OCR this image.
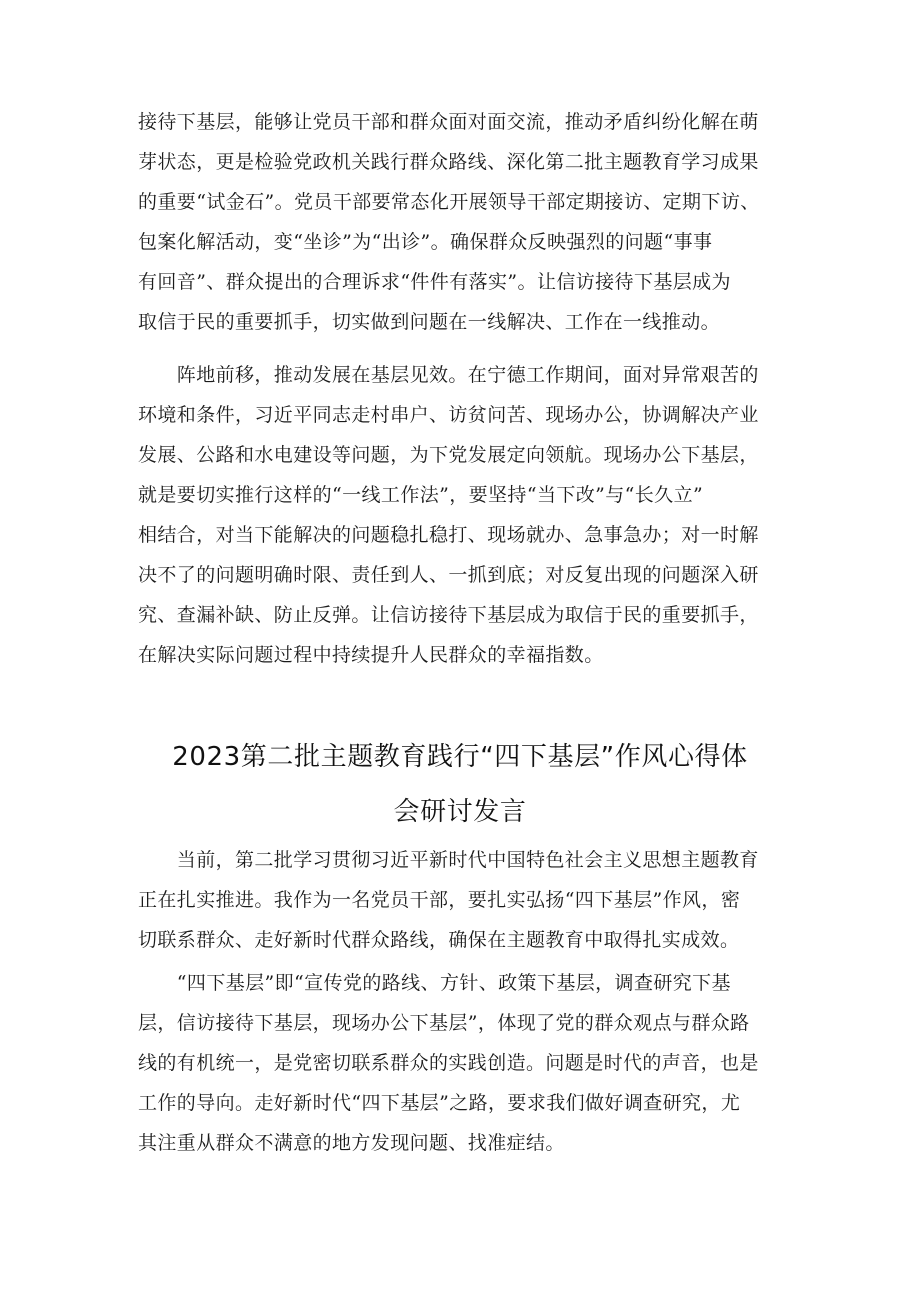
接待下基层，能够让党员干部和群众面对面交流，推动矛盾纠纷化解在萌
芽状态，更是检验党政机关践行群众路线、深化第二批主题教育学习成果
的重要“试金石”。党员干部要常态化开展领导干部定期接访、定期下访、
包案化解活动，变“坐诊”为“出诊”。确保群众反映强烈的问题“事事
有回音”、群众提出的合理诉求“件件有落实”。让信访接待下基层成为
取信于民的重要抓手，切实做到问题在一线解决、工作在一线推动。
　　阵地前移，推动发展在基层见效。在宁德工作期间，面对异常艰苦的
环境和条件，习近平同志走村串户、访贫问苦、现场办公，协调解决产业
发展、公路和水电建设等问题，为下党发展定向领航。现场办公下基层，
就是要切实推行这样的“一线工作法”，要坚持“当下改”与“长久立”
相结合，对当下能解决的问题稳扎稳打、现场就办、急事急办；对一时解
决不了的问题明确时限、责任到人、一抓到底；对反复出现的问题深入研
究、查漏补缺、防止反弹。让信访接待下基层成为取信于民的重要抓手，
在解决实际问题过程中持续提升人民群众的幸福指数。
2023第二批主题教育践行“四下基层”作风心得体
会研讨发言
　　当前，第二批学习贯彻习近平新时代中国特色社会主义思想主题教育
正在扎实推进。我作为一名党员干部，要扎实弘扬“四下基层”作风，密
切联系群众、走好新时代群众路线，确保在主题教育中取得扎实成效。
　　“四下基层”即“宣传党的路线、方针、政策下基层，调查研究下基
层，信访接待下基层，现场办公下基层”，体现了党的群众观点与群众路
线的有机统一，是党密切联系群众的实践创造。问题是时代的声音，也是
工作的导向。走好新时代“四下基层”之路，要求我们做好调查研究，尤
其注重从群众不满意的地方发现问题、找准症结。
